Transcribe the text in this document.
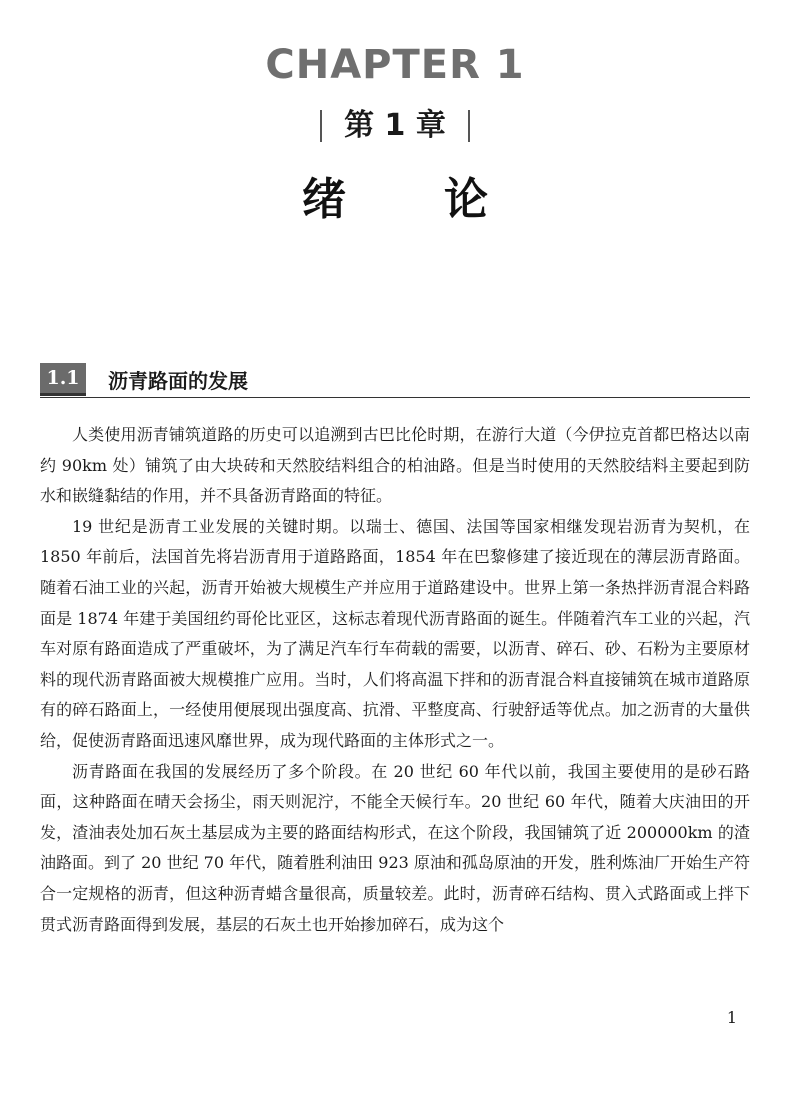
CHAPTER 1
第 1 章
绪论
1.1	沥青路面的发展

人类使用沥青铺筑道路的历史可以追溯到古巴比伦时期，在游行大道（今伊拉克首都巴格达以南约 90km 处）铺筑了由大块砖和天然胶结料组合的柏油路。但是当时使用的天然胶结料主要起到防水和嵌缝黏结的作用，并不具备沥青路面的特征。

19 世纪是沥青工业发展的关键时期。以瑞士、德国、法国等国家相继发现岩沥青为契机，在 1850 年前后，法国首先将岩沥青用于道路路面，1854 年在巴黎修建了接近现在的薄层沥青路面。随着石油工业的兴起，沥青开始被大规模生产并应用于道路建设中。世界上第一条热拌沥青混合料路面是 1874 年建于美国纽约哥伦比亚区，这标志着现代沥青路面的诞生。伴随着汽车工业的兴起，汽车对原有路面造成了严重破坏，为了满足汽车行车荷载的需要，以沥青、碎石、砂、石粉为主要原材料的现代沥青路面被大规模推广应用。当时，人们将高温下拌和的沥青混合料直接铺筑在城市道路原有的碎石路面上，一经使用便展现出强度高、抗滑、平整度高、行驶舒适等优点。加之沥青的大量供给，促使沥青路面迅速风靡世界，成为现代路面的主体形式之一。

沥青路面在我国的发展经历了多个阶段。在 20 世纪 60 年代以前，我国主要使用的是砂石路面，这种路面在晴天会扬尘，雨天则泥泞，不能全天候行车。20 世纪 60 年代，随着大庆油田的开发，渣油表处加石灰土基层成为主要的路面结构形式，在这个阶段，我国铺筑了近 200000km 的渣油路面。到了 20 世纪 70 年代，随着胜利油田 923 原油和孤岛原油的开发，胜利炼油厂开始生产符合一定规格的沥青，但这种沥青蜡含量很高，质量较差。此时，沥青碎石结构、贯入式路面或上拌下贯式沥青路面得到发展，基层的石灰土也开始掺加碎石，成为这个

1
